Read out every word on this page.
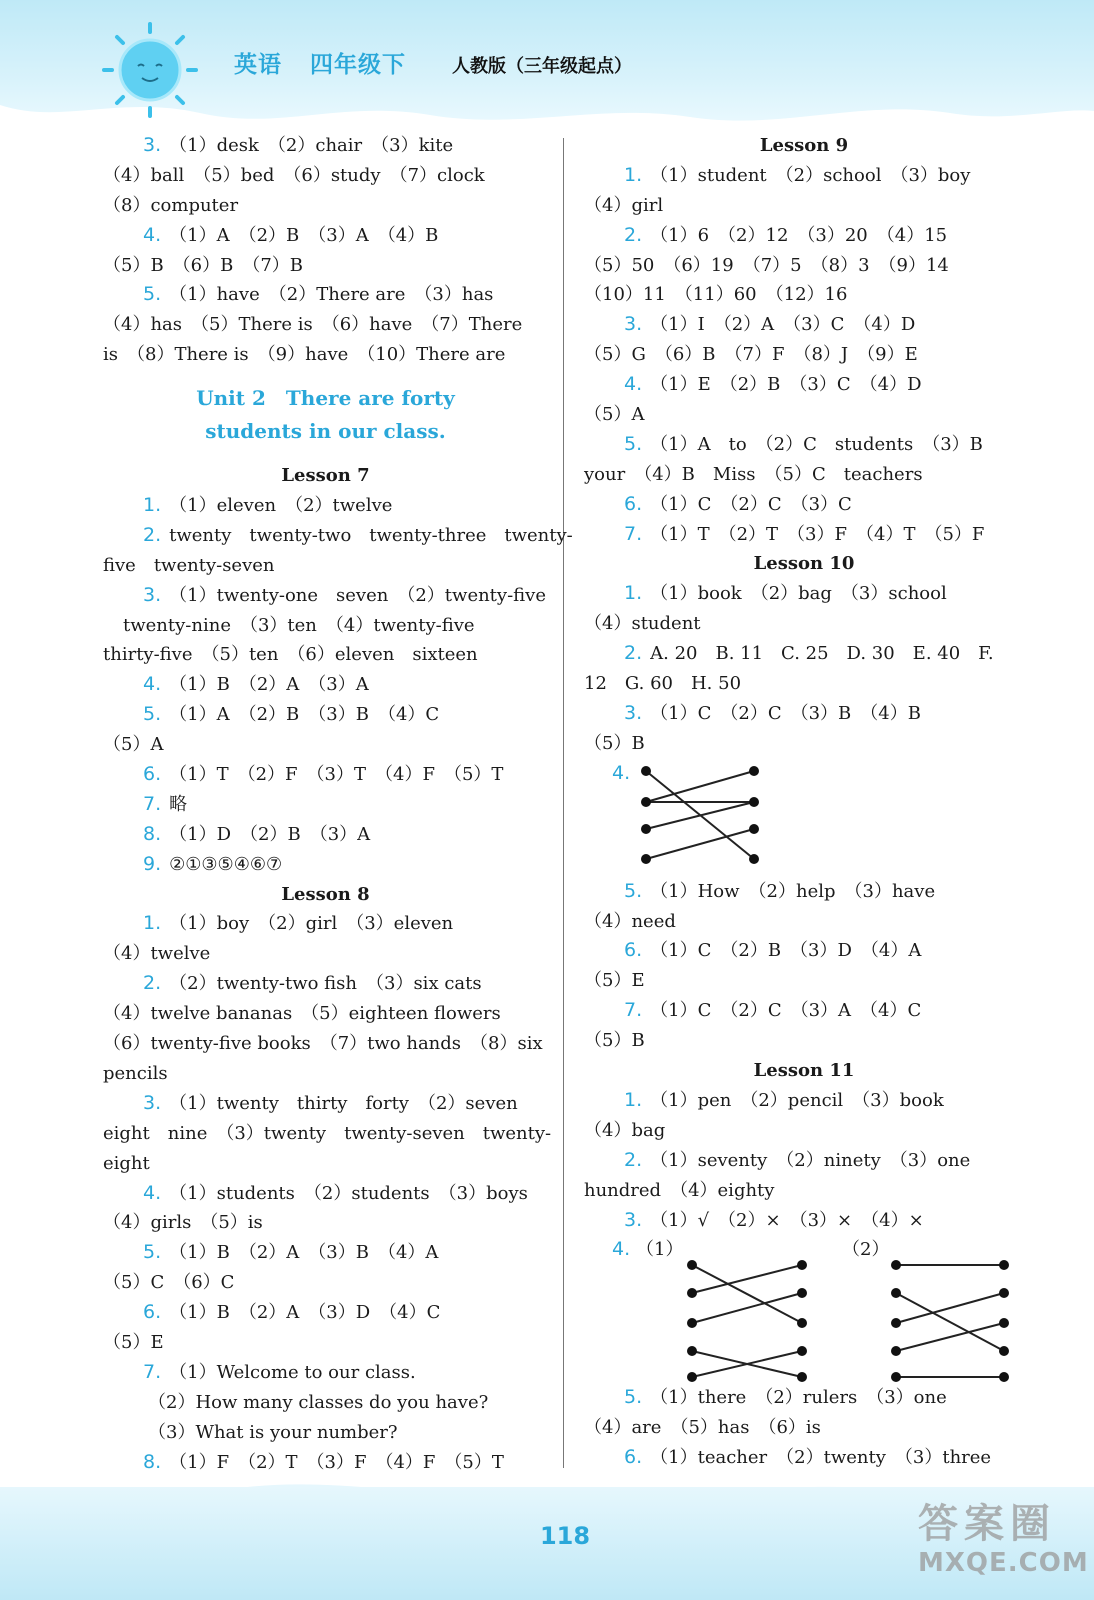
英语 四年级下	人教版（三年级起点）
3. （1）desk　（2）chair　（3）kite
（4）ball　（5）bed　（6）study　（7）clock
（8）computer
4. （1）A　（2）B　（3）A　（4）B
（5）B　（6）B　（7）B
5. （1）have　（2）There are　（3）has
（4）has　（5）There is　（6）have　（7）There
is　（8）There is　（9）have　（10）There are
Unit 2　There are forty
students in our class.
Lesson 7
1. （1）eleven　（2）twelve
2. twenty　twenty-two　twenty-three　twenty-
five　twenty-seven
3. （1）twenty-one　seven　（2）twenty-five
twenty-nine　（3）ten　（4）twenty-five
thirty-five　（5）ten　（6）eleven　sixteen
4. （1）B　（2）A　（3）A
5. （1）A　（2）B　（3）B　（4）C
（5）A
6. （1）T　（2）F　（3）T　（4）F　（5）T
7. 略
8. （1）D　（2）B　（3）A
9. ②①③⑤④⑥⑦
Lesson 8
1. （1）boy　（2）girl　（3）eleven
（4）twelve
2. （2）twenty-two fish　（3）six cats
（4）twelve bananas　（5）eighteen flowers
（6）twenty-five books　（7）two hands　（8）six
pencils
3. （1）twenty　thirty　forty　（2）seven
eight　nine　（3）twenty　twenty-seven　twenty-
eight
4. （1）students　（2）students　（3）boys
（4）girls　（5）is
5. （1）B　（2）A　（3）B　（4）A
（5）C　（6）C
6. （1）B　（2）A　（3）D　（4）C
（5）E
7. （1）Welcome to our class.
（2）How many classes do you have?
（3）What is your number?
8. （1）F　（2）T　（3）F　（4）F　（5）T
Lesson 9
1. （1）student　（2）school　（3）boy
（4）girl
2. （1）6　（2）12　（3）20　（4）15
（5）50　（6）19　（7）5　（8）3　（9）14
（10）11　（11）60　（12）16
3. （1）I　（2）A　（3）C　（4）D
（5）G　（6）B　（7）F　（8）J　（9）E
4. （1）E　（2）B　（3）C　（4）D
（5）A
5. （1）A　to　（2）C　students　（3）B
your　（4）B　Miss　（5）C　teachers
6. （1）C　（2）C　（3）C
7. （1）T　（2）T　（3）F　（4）T　（5）F
Lesson 10
1. （1）book　（2）bag　（3）school
（4）student
2. A. 20　B. 11　C. 25　D. 30　E. 40　F.
12　G. 60　H. 50
3. （1）C　（2）C　（3）B　（4）B
（5）B
4.
5. （1）How　（2）help　（3）have
（4）need
6. （1）C　（2）B　（3）D　（4）A
（5）E
7. （1）C　（2）C　（3）A　（4）C
（5）B
Lesson 11
1. （1）pen　（2）pencil　（3）book
（4）bag
2. （1）seventy　（2）ninety　（3）one
hundred　（4）eighty
3. （1）√　（2）×　（3）×　（4）×
4. （1）	（2）
5. （1）there　（2）rulers　（3）one
（4）are　（5）has　（6）is
6. （1）teacher　（2）twenty　（3）three
118	答案圈
MXQE.COM
